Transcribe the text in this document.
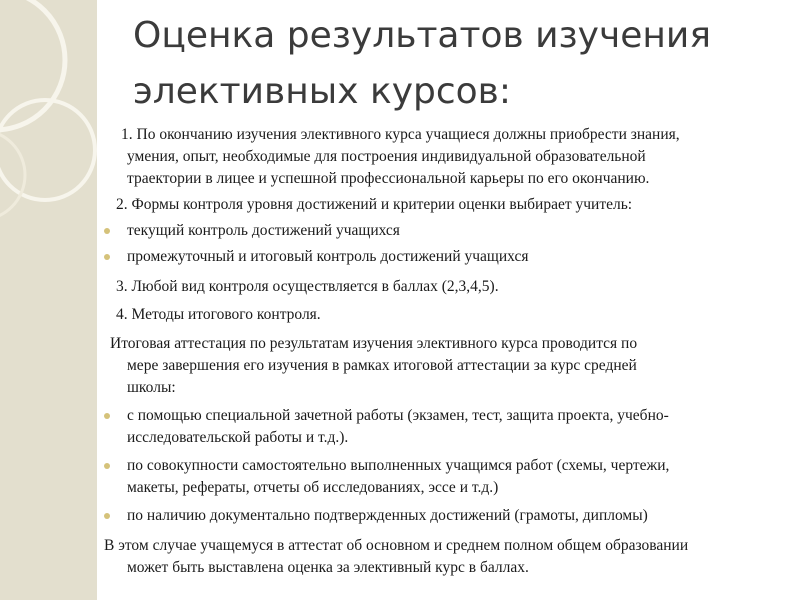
Оценка результатов изучения
элективных курсов:

1. По окончанию изучения элективного курса учащиеся должны приобрести знания,

умения, опыт, необходимые для построения индивидуальной образовательной

траектории в лицее и успешной профессиональной карьеры по его окончанию.

2. Формы контроля уровня достижений и критерии оценки выбирает учитель:

текущий контроль достижений учащихся

промежуточный и итоговый контроль достижений учащихся

3. Любой вид контроля осуществляется в баллах (2,3,4,5).

4. Методы итогового контроля.

Итоговая аттестация по результатам изучения элективного курса проводится по

мере завершения его изучения в рамках итоговой аттестации за курс средней

школы:

с помощью специальной зачетной работы (экзамен, тест, защита проекта, учебно-

исследовательской работы и т.д.).

по совокупности самостоятельно выполненных учащимся работ (схемы, чертежи,

макеты, рефераты, отчеты об исследованиях, эссе и т.д.)

по наличию документально подтвержденных достижений (грамоты, дипломы)

В этом случае учащемуся в аттестат об основном и среднем полном общем образовании

может быть выставлена оценка за элективный курс в баллах.
